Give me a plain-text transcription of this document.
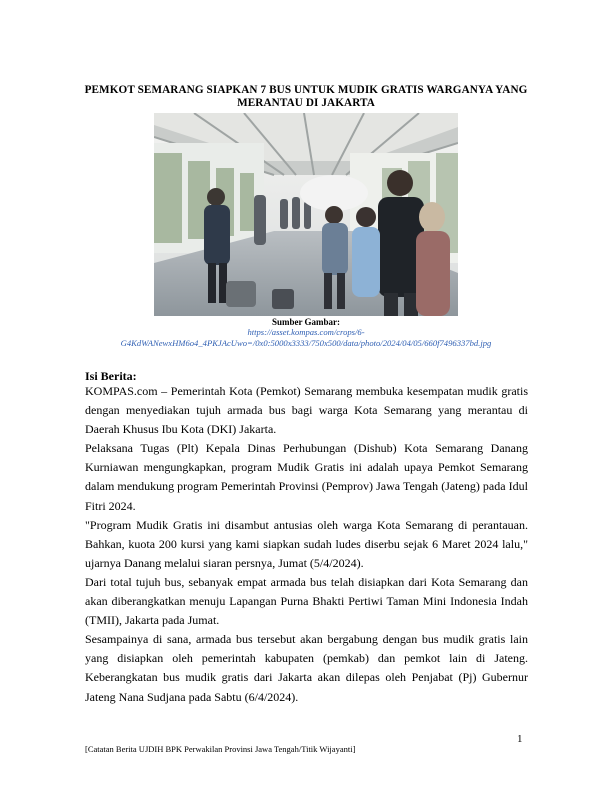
PEMKOT SEMARANG SIAPKAN 7 BUS UNTUK MUDIK GRATIS WARGANYA YANG MERANTAU DI JAKARTA
Sumber Gambar:
https://asset.kompas.com/crops/6-G4KdWANewxHM6o4_4PKJAcUwo=/0x0:5000x3333/750x500/data/photo/2024/04/05/660f7496337bd.jpg
Isi Berita:

KOMPAS.com – Pemerintah Kota (Pemkot) Semarang membuka kesempatan mudik gratis dengan menyediakan tujuh armada bus bagi warga Kota Semarang yang merantau di Daerah Khusus Ibu Kota (DKI) Jakarta.

Pelaksana Tugas (Plt) Kepala Dinas Perhubungan (Dishub) Kota Semarang Danang Kurniawan mengungkapkan, program Mudik Gratis ini adalah upaya Pemkot Semarang dalam mendukung program Pemerintah Provinsi (Pemprov) Jawa Tengah (Jateng) pada Idul Fitri 2024.

"Program Mudik Gratis ini disambut antusias oleh warga Kota Semarang di perantauan. Bahkan, kuota 200 kursi yang kami siapkan sudah ludes diserbu sejak 6 Maret 2024 lalu," ujarnya Danang melalui siaran persnya, Jumat (5/4/2024).

Dari total tujuh bus, sebanyak empat armada bus telah disiapkan dari Kota Semarang dan akan diberangkatkan menuju Lapangan Purna Bhakti Pertiwi Taman Mini Indonesia Indah (TMII), Jakarta pada Jumat.

Sesampainya di sana, armada bus tersebut akan bergabung dengan bus mudik gratis lain yang disiapkan oleh pemerintah kabupaten (pemkab) dan pemkot lain di Jateng. Keberangkatan bus mudik gratis dari Jakarta akan dilepas oleh Penjabat (Pj) Gubernur Jateng Nana Sudjana pada Sabtu (6/4/2024).

1
[Catatan Berita UJDIH BPK Perwakilan Provinsi Jawa Tengah/Titik Wijayanti]
